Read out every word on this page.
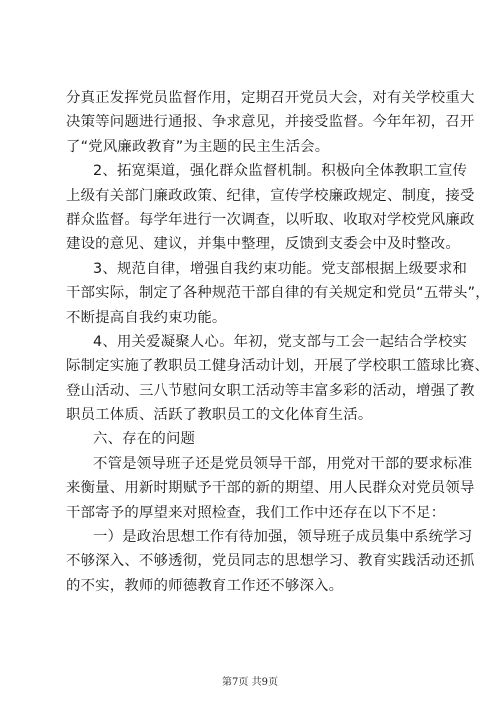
分真正发挥党员监督作用，定期召开党员大会，对有关学校重大
决策等问题进行通报、争求意见，并接受监督。今年年初，召开
了“党风廉政教育”为主题的民主生活会。
2、拓宽渠道，强化群众监督机制。积极向全体教职工宣传
上级有关部门廉政政策、纪律，宣传学校廉政规定、制度，接受
群众监督。每学年进行一次调查，以听取、收取对学校党风廉政
建设的意见、建议，并集中整理，反馈到支委会中及时整改。
3、规范自律，增强自我约束功能。党支部根据上级要求和
干部实际，制定了各种规范干部自律的有关规定和党员“五带头”，
不断提高自我约束功能。
4、用关爱凝聚人心。年初，党支部与工会一起结合学校实
际制定实施了教职员工健身活动计划，开展了学校职工篮球比赛、
登山活动、三八节慰问女职工活动等丰富多彩的活动，增强了教
职员工体质、活跃了教职员工的文化体育生活。
六、存在的问题
不管是领导班子还是党员领导干部，用党对干部的要求标准
来衡量、用新时期赋予干部的新的期望、用人民群众对党员领导
干部寄予的厚望来对照检查，我们工作中还存在以下不足：
一）是政治思想工作有待加强，领导班子成员集中系统学习
不够深入、不够透彻，党员同志的思想学习、教育实践活动还抓
的不实，教师的师德教育工作还不够深入。
第7页 共9页
